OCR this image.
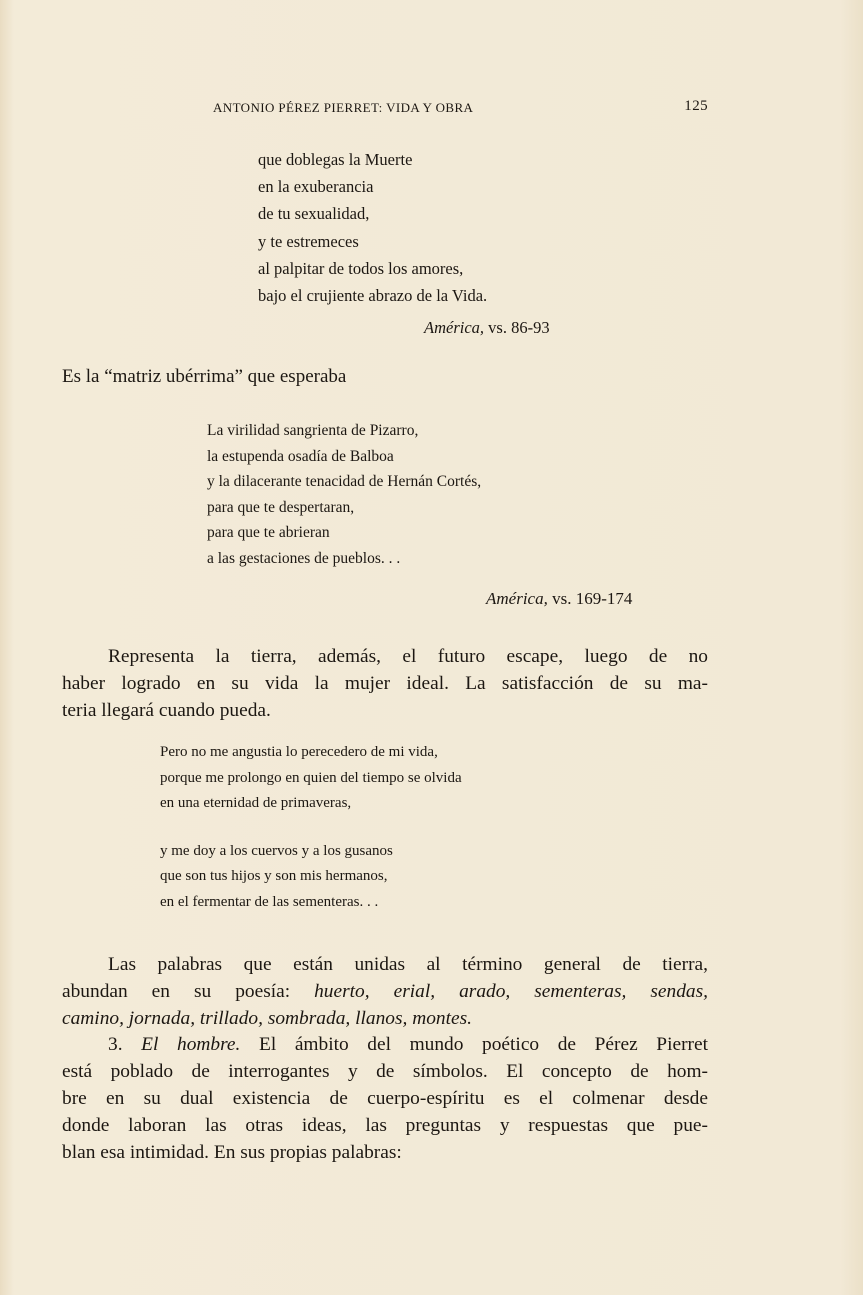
ANTONIO PÉREZ PIERRET: VIDA Y OBRA	125
que doblegas la Muerte
en la exuberancia
de tu sexualidad,
y te estremeces
al palpitar de todos los amores,
bajo el crujiente abrazo de la Vida.
América, vs. 86-93
Es la “matriz ubérrima” que esperaba
La virilidad sangrienta de Pizarro,
la estupenda osadía de Balboa
y la dilacerante tenacidad de Hernán Cortés,
para que te despertaran,
para que te abrieran
a las gestaciones de pueblos. . .
América, vs. 169-174
Representa la tierra, además, el futuro escape, luego de no
haber logrado en su vida la mujer ideal. La satisfacción de su ma-
teria llegará cuando pueda.
Pero no me angustia lo perecedero de mi vida,
porque me prolongo en quien del tiempo se olvida
en una eternidad de primaveras,
y me doy a los cuervos y a los gusanos
que son tus hijos y son mis hermanos,
en el fermentar de las sementeras. . .
Las palabras que están unidas al término general de tierra,
abundan en su poesía: huerto, erial, arado, sementeras, sendas,
camino, jornada, trillado, sombrada, llanos, montes.
3. El hombre. El ámbito del mundo poético de Pérez Pierret
está poblado de interrogantes y de símbolos. El concepto de hom-
bre en su dual existencia de cuerpo-espíritu es el colmenar desde
donde laboran las otras ideas, las preguntas y respuestas que pue-
blan esa intimidad. En sus propias palabras:
